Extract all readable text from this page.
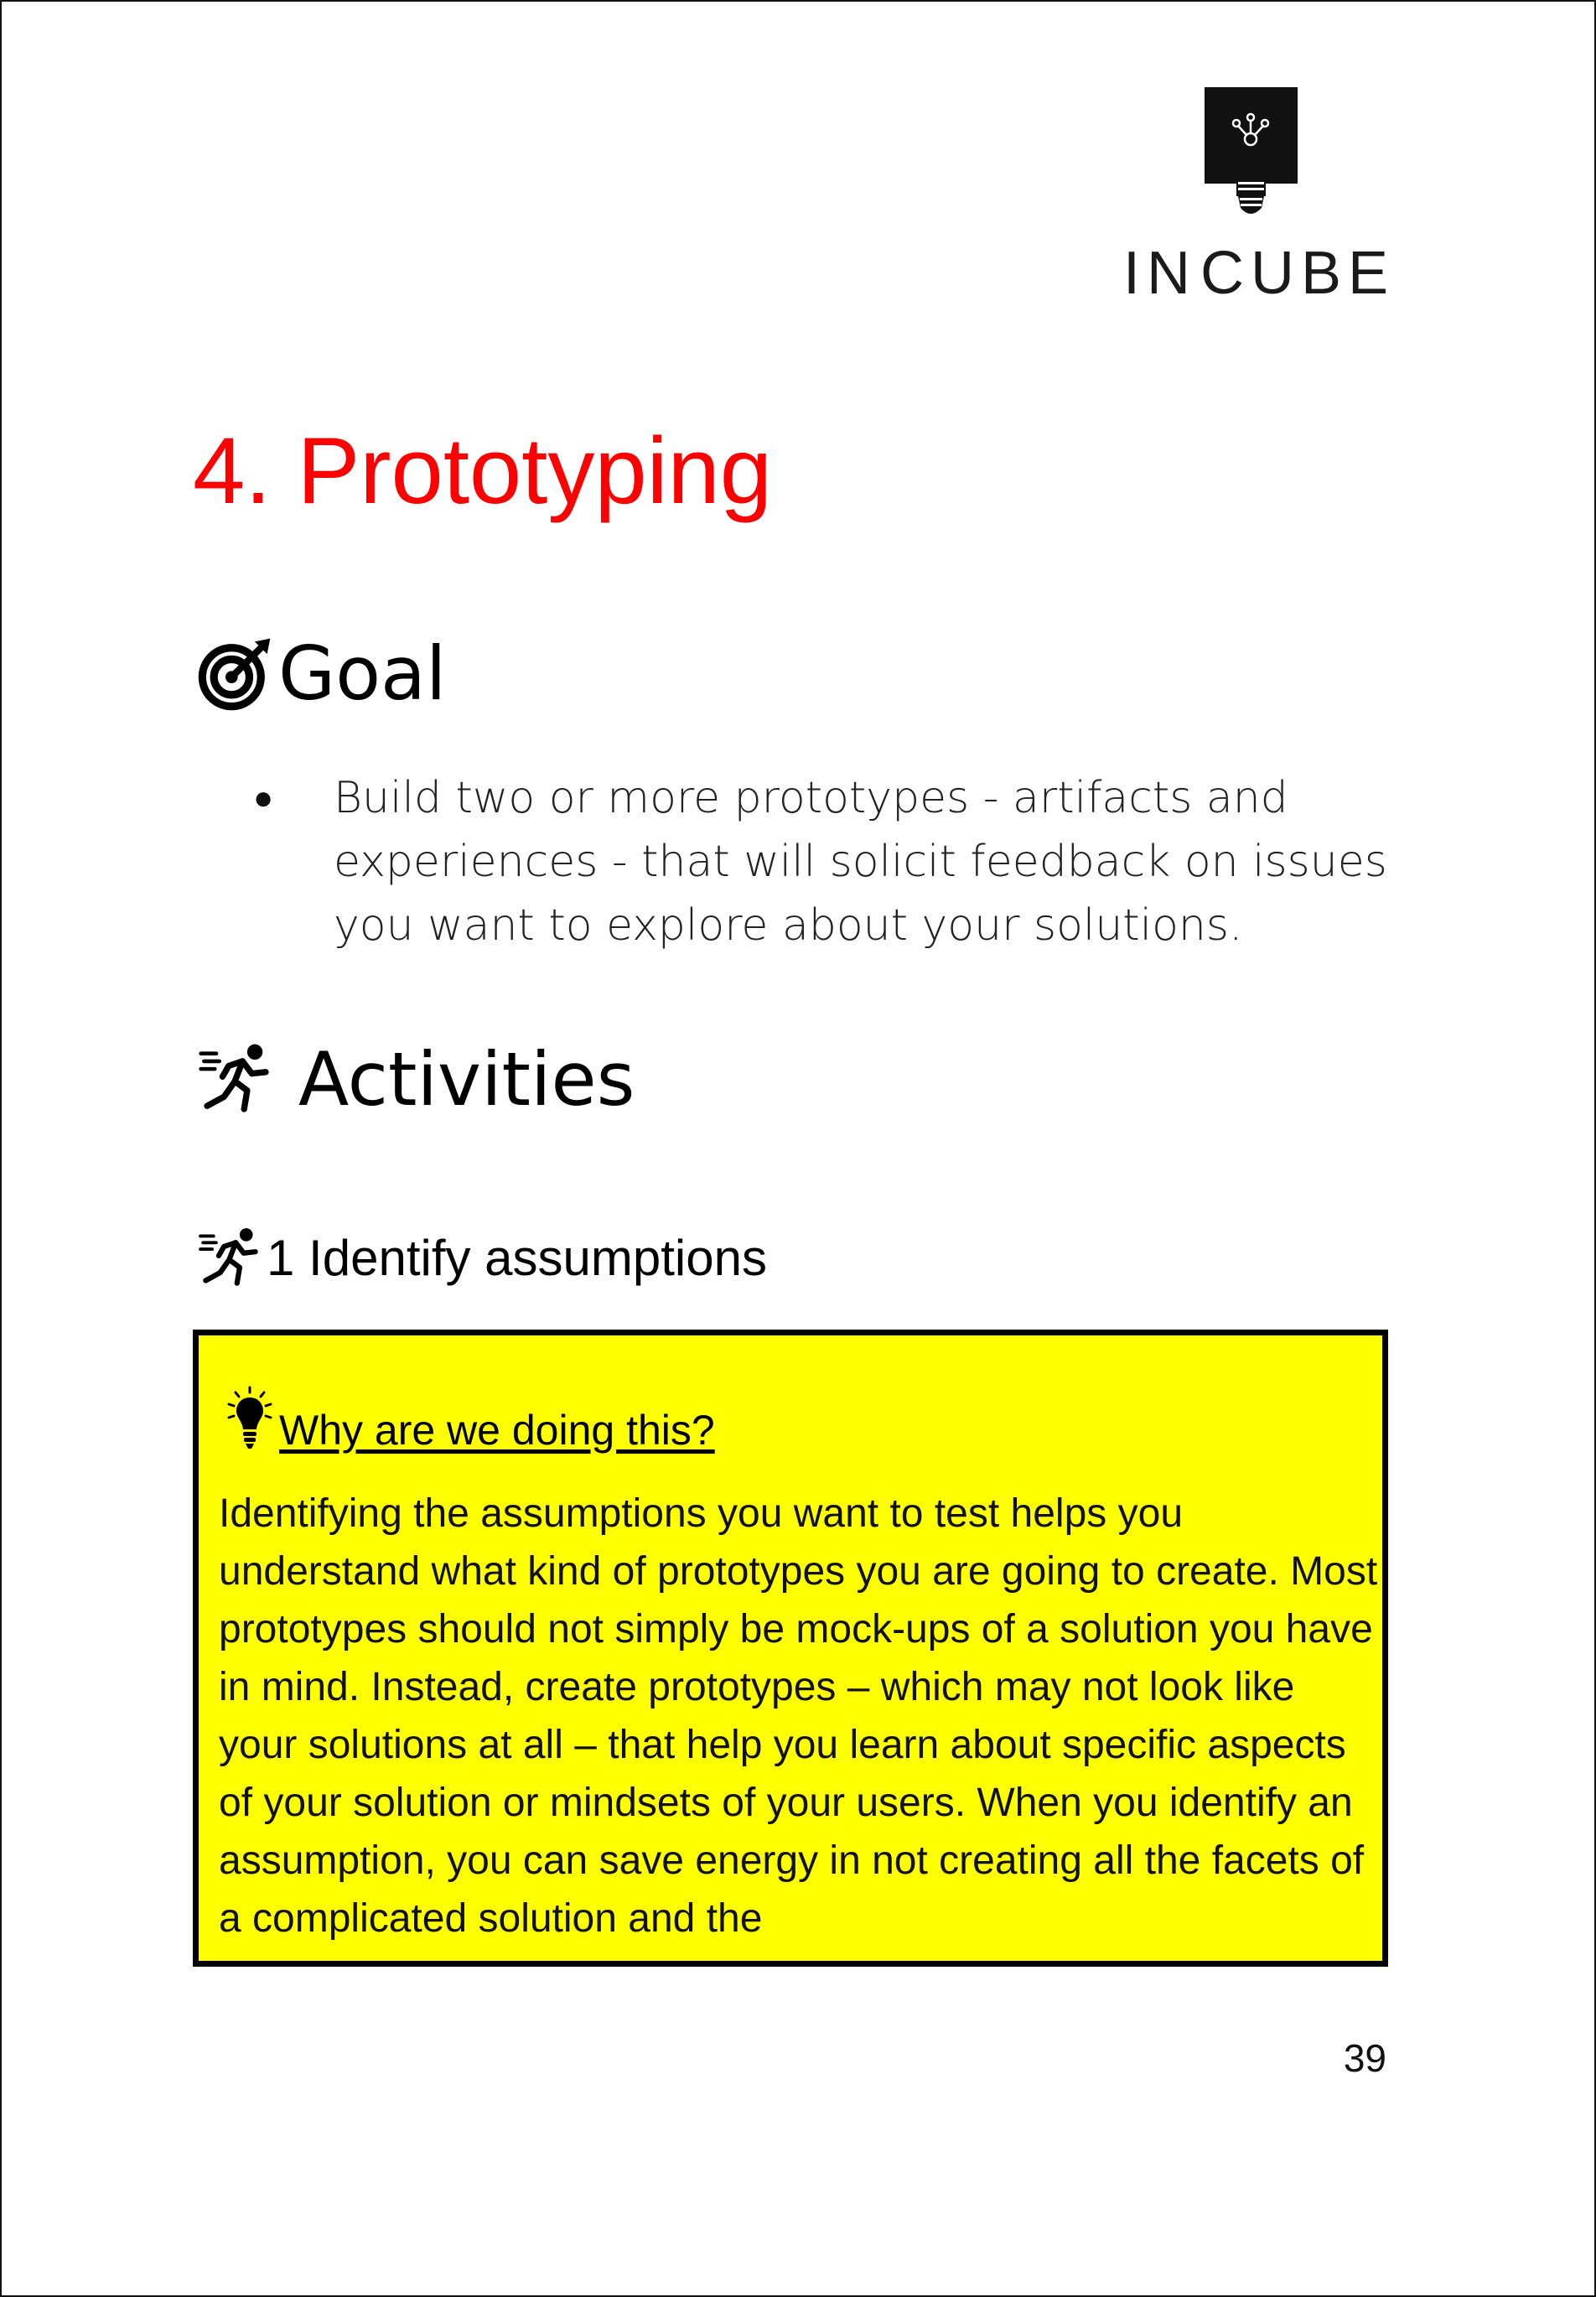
INCUBE
4. Prototyping
Goal
● Build two or more prototypes - artifacts and experiences - that will solicit feedback on issues you want to explore about your solutions.
Activities
1 Identify assumptions
Why are we doing this?

Identifying the assumptions you want to test helps you understand what kind of prototypes you are going to create. Most prototypes should not simply be mock-ups of a solution you have in mind. Instead, create prototypes – which may not look like your solutions at all – that help you learn about specific aspects of your solution or mindsets of your users. When you identify an assumption, you can save energy in not creating all the facets of a complicated solution and the

39
